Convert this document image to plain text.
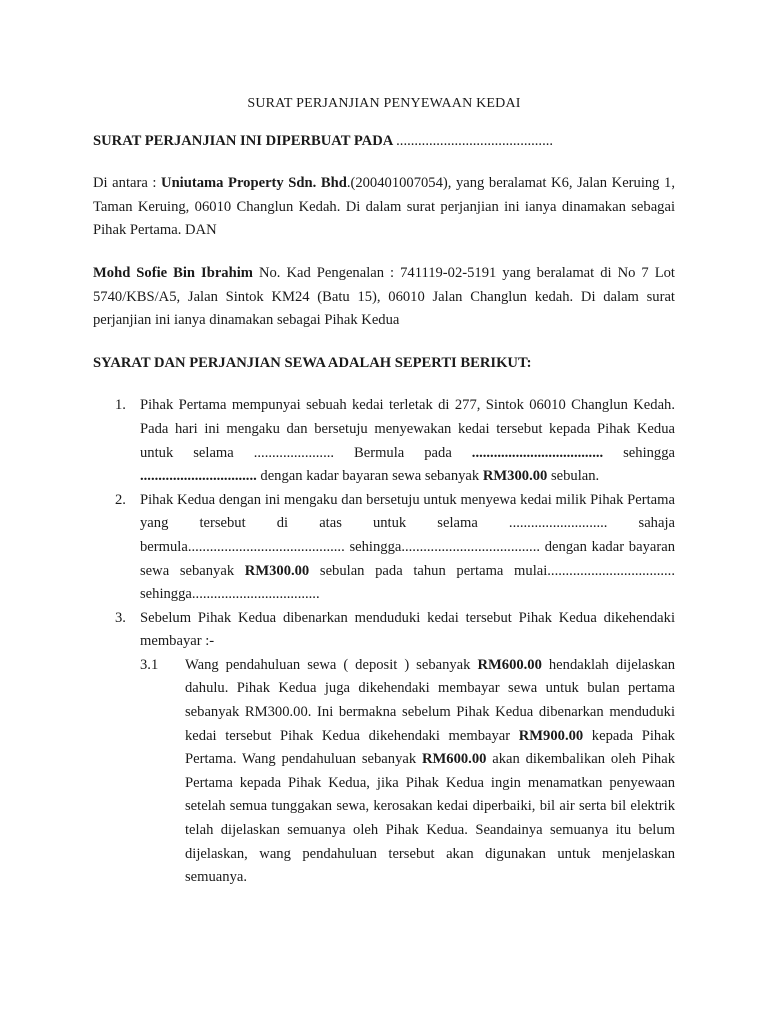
SURAT PERJANJIAN PENYEWAAN KEDAI
SURAT PERJANJIAN INI DIPERBUAT PADA ...........................................

Di antara : Uniutama Property Sdn. Bhd.(200401007054), yang beralamat K6, Jalan Keruing 1, Taman Keruing, 06010 Changlun Kedah. Di dalam surat perjanjian ini ianya dinamakan sebagai Pihak Pertama. DAN

Mohd Sofie Bin Ibrahim No. Kad Pengenalan : 741119-02-5191 yang beralamat di No 7 Lot 5740/KBS/A5, Jalan Sintok KM24 (Batu 15), 06010 Jalan Changlun kedah. Di dalam surat perjanjian ini ianya dinamakan sebagai Pihak Kedua

SYARAT DAN PERJANJIAN SEWA ADALAH SEPERTI BERIKUT:
1. Pihak Pertama mempunyai sebuah kedai terletak di 277, Sintok 06010 Changlun Kedah. Pada hari ini mengaku dan bersetuju menyewakan kedai tersebut kepada Pihak Kedua untuk selama ...................... Bermula pada .................................... sehingga ................................ dengan kadar bayaran sewa sebanyak RM300.00 sebulan.
2. Pihak Kedua dengan ini mengaku dan bersetuju untuk menyewa kedai milik Pihak Pertama yang tersebut di atas untuk selama ........................... sahaja bermula........................................... sehingga...................................... dengan kadar bayaran sewa sebanyak RM300.00 sebulan pada tahun pertama mulai................................... sehingga...................................
3. Sebelum Pihak Kedua dibenarkan menduduki kedai tersebut Pihak Kedua dikehendaki membayar :-
3.1 Wang pendahuluan sewa ( deposit ) sebanyak RM600.00 hendaklah dijelaskan dahulu. Pihak Kedua juga dikehendaki membayar sewa untuk bulan pertama sebanyak RM300.00. Ini bermakna sebelum Pihak Kedua dibenarkan menduduki kedai tersebut Pihak Kedua dikehendaki membayar RM900.00 kepada Pihak Pertama. Wang pendahuluan sebanyak RM600.00 akan dikembalikan oleh Pihak Pertama kepada Pihak Kedua, jika Pihak Kedua ingin menamatkan penyewaan setelah semua tunggakan sewa, kerosakan kedai diperbaiki, bil air serta bil elektrik telah dijelaskan semuanya oleh Pihak Kedua. Seandainya semuanya itu belum dijelaskan, wang pendahuluan tersebut akan digunakan untuk menjelaskan semuanya.
